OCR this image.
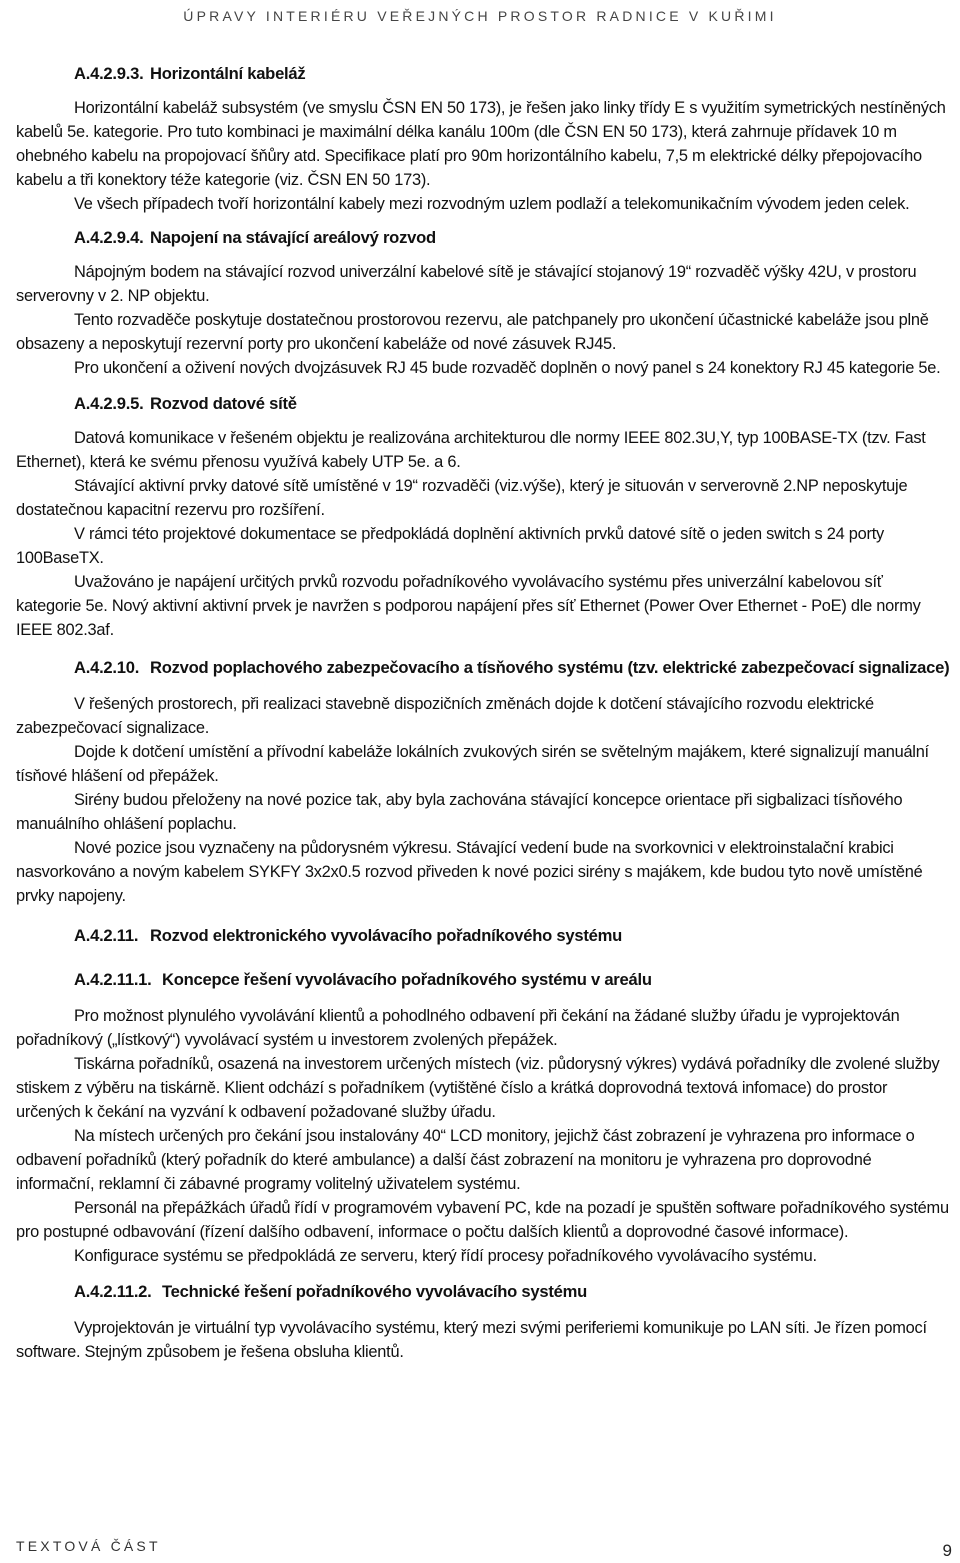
ÚPRAVY INTERIÉRU VEŘEJNÝCH PROSTOR RADNICE V KUŘIMI
A.4.2.9.3. Horizontální kabeláž

Horizontální kabeláž subsystém (ve smyslu ČSN EN 50 173), je řešen jako linky třídy E s využitím symetrických nestíněných kabelů 5e. kategorie. Pro tuto kombinaci je maximální délka kanálu 100m (dle ČSN EN 50 173), která zahrnuje přídavek 10 m ohebného kabelu na propojovací šňůry atd. Specifikace platí pro 90m horizontálního kabelu, 7,5 m elektrické délky přepojovacího kabelu a tři konektory téže kategorie (viz. ČSN EN 50 173).

Ve všech případech tvoří horizontální kabely mezi rozvodným uzlem podlaží a telekomunikačním vývodem jeden celek.

A.4.2.9.4. Napojení na stávající areálový rozvod

Nápojným bodem na stávající rozvod univerzální kabelové sítě je stávající stojanový 19“ rozvaděč výšky 42U, v prostoru serverovny v 2. NP objektu.

Tento rozvaděče poskytuje dostatečnou prostorovou rezervu, ale patchpanely pro ukončení účastnické kabeláže jsou plně obsazeny a neposkytují rezervní porty pro ukončení kabeláže od nové zásuvek RJ45.

Pro ukončení a oživení nových dvojzásuvek RJ 45 bude rozvaděč doplněn o nový panel s 24 konektory RJ 45 kategorie 5e.

A.4.2.9.5. Rozvod datové sítě

Datová komunikace v řešeném objektu je realizována architekturou dle normy IEEE 802.3U,Y, typ 100BASE-TX (tzv. Fast Ethernet), která ke svému přenosu využívá kabely UTP 5e. a 6.

Stávající aktivní prvky datové sítě umístěné v 19“ rozvaděči (viz.výše), který je situován v serverovně 2.NP neposkytuje dostatečnou kapacitní rezervu pro rozšíření.

V rámci této projektové dokumentace se předpokládá doplnění aktivních prvků datové sítě o jeden switch s 24 porty 100BaseTX.

Uvažováno je napájení určitých prvků rozvodu pořadníkového vyvolávacího systému přes univerzální kabelovou síť kategorie 5e. Nový aktivní aktivní prvek je navržen s podporou napájení přes síť Ethernet (Power Over Ethernet - PoE) dle normy IEEE 802.3af.

A.4.2.10. Rozvod poplachového zabezpečovacího a tísňového systému (tzv. elektrické zabezpečovací signalizace)

V řešených prostorech, při realizaci stavebně dispozičních změnách dojde k dotčení stávajícího rozvodu elektrické zabezpečovací signalizace.

Dojde k dotčení umístění a přívodní kabeláže lokálních zvukových sirén se světelným majákem, které signalizují manuální tísňové hlášení od přepážek.

Sirény budou přeloženy na nové pozice tak, aby byla zachována stávající koncepce orientace při sigbalizaci tísňového manuálního ohlášení poplachu.

Nové pozice jsou vyznačeny na půdorysném výkresu. Stávající vedení bude na svorkovnici v elektroinstalační krabici nasvorkováno a novým kabelem SYKFY 3x2x0.5 rozvod přiveden k nové pozici sirény s majákem, kde budou tyto nově umístěné prvky napojeny.

A.4.2.11. Rozvod elektronického vyvolávacího pořadníkového systému
A.4.2.11.1. Koncepce řešení vyvolávacího pořadníkového systému v areálu

Pro možnost plynulého vyvolávání klientů a pohodlného odbavení při čekání na žádané služby úřadu je vyprojektován pořadníkový („lístkový“) vyvolávací systém u investorem zvolených přepážek.

Tiskárna pořadníků, osazená na investorem určených místech (viz. půdorysný výkres) vydává pořadníky dle zvolené služby stiskem z výběru na tiskárně. Klient odchází s pořadníkem (vytištěné číslo a krátká doprovodná textová infomace) do prostor určených k čekání na vyzvání k odbavení požadované služby úřadu.

Na místech určených pro čekání jsou instalovány 40“ LCD monitory, jejichž část zobrazení je vyhrazena pro informace o odbavení pořadníků (který pořadník do které ambulance) a další část zobrazení na monitoru je vyhrazena pro doprovodné informační, reklamní či zábavné programy volitelný uživatelem systému.

Personál na přepážkách úřadů řídí v programovém vybavení PC, kde na pozadí je spuštěn software pořadníkového systému pro postupné odbavování (řízení dalšího odbavení, informace o počtu dalších klientů a doprovodné časové informace).

Konfigurace systému se předpokládá ze serveru, který řídí procesy pořadníkového vyvolávacího systému.

A.4.2.11.2. Technické řešení pořadníkového vyvolávacího systému

Vyprojektován je virtuální typ vyvolávacího systému, který mezi svými periferiemi komunikuje po LAN síti. Je řízen pomocí software. Stejným způsobem je řešena obsluha klientů.

TEXTOVÁ ČÁST	9
